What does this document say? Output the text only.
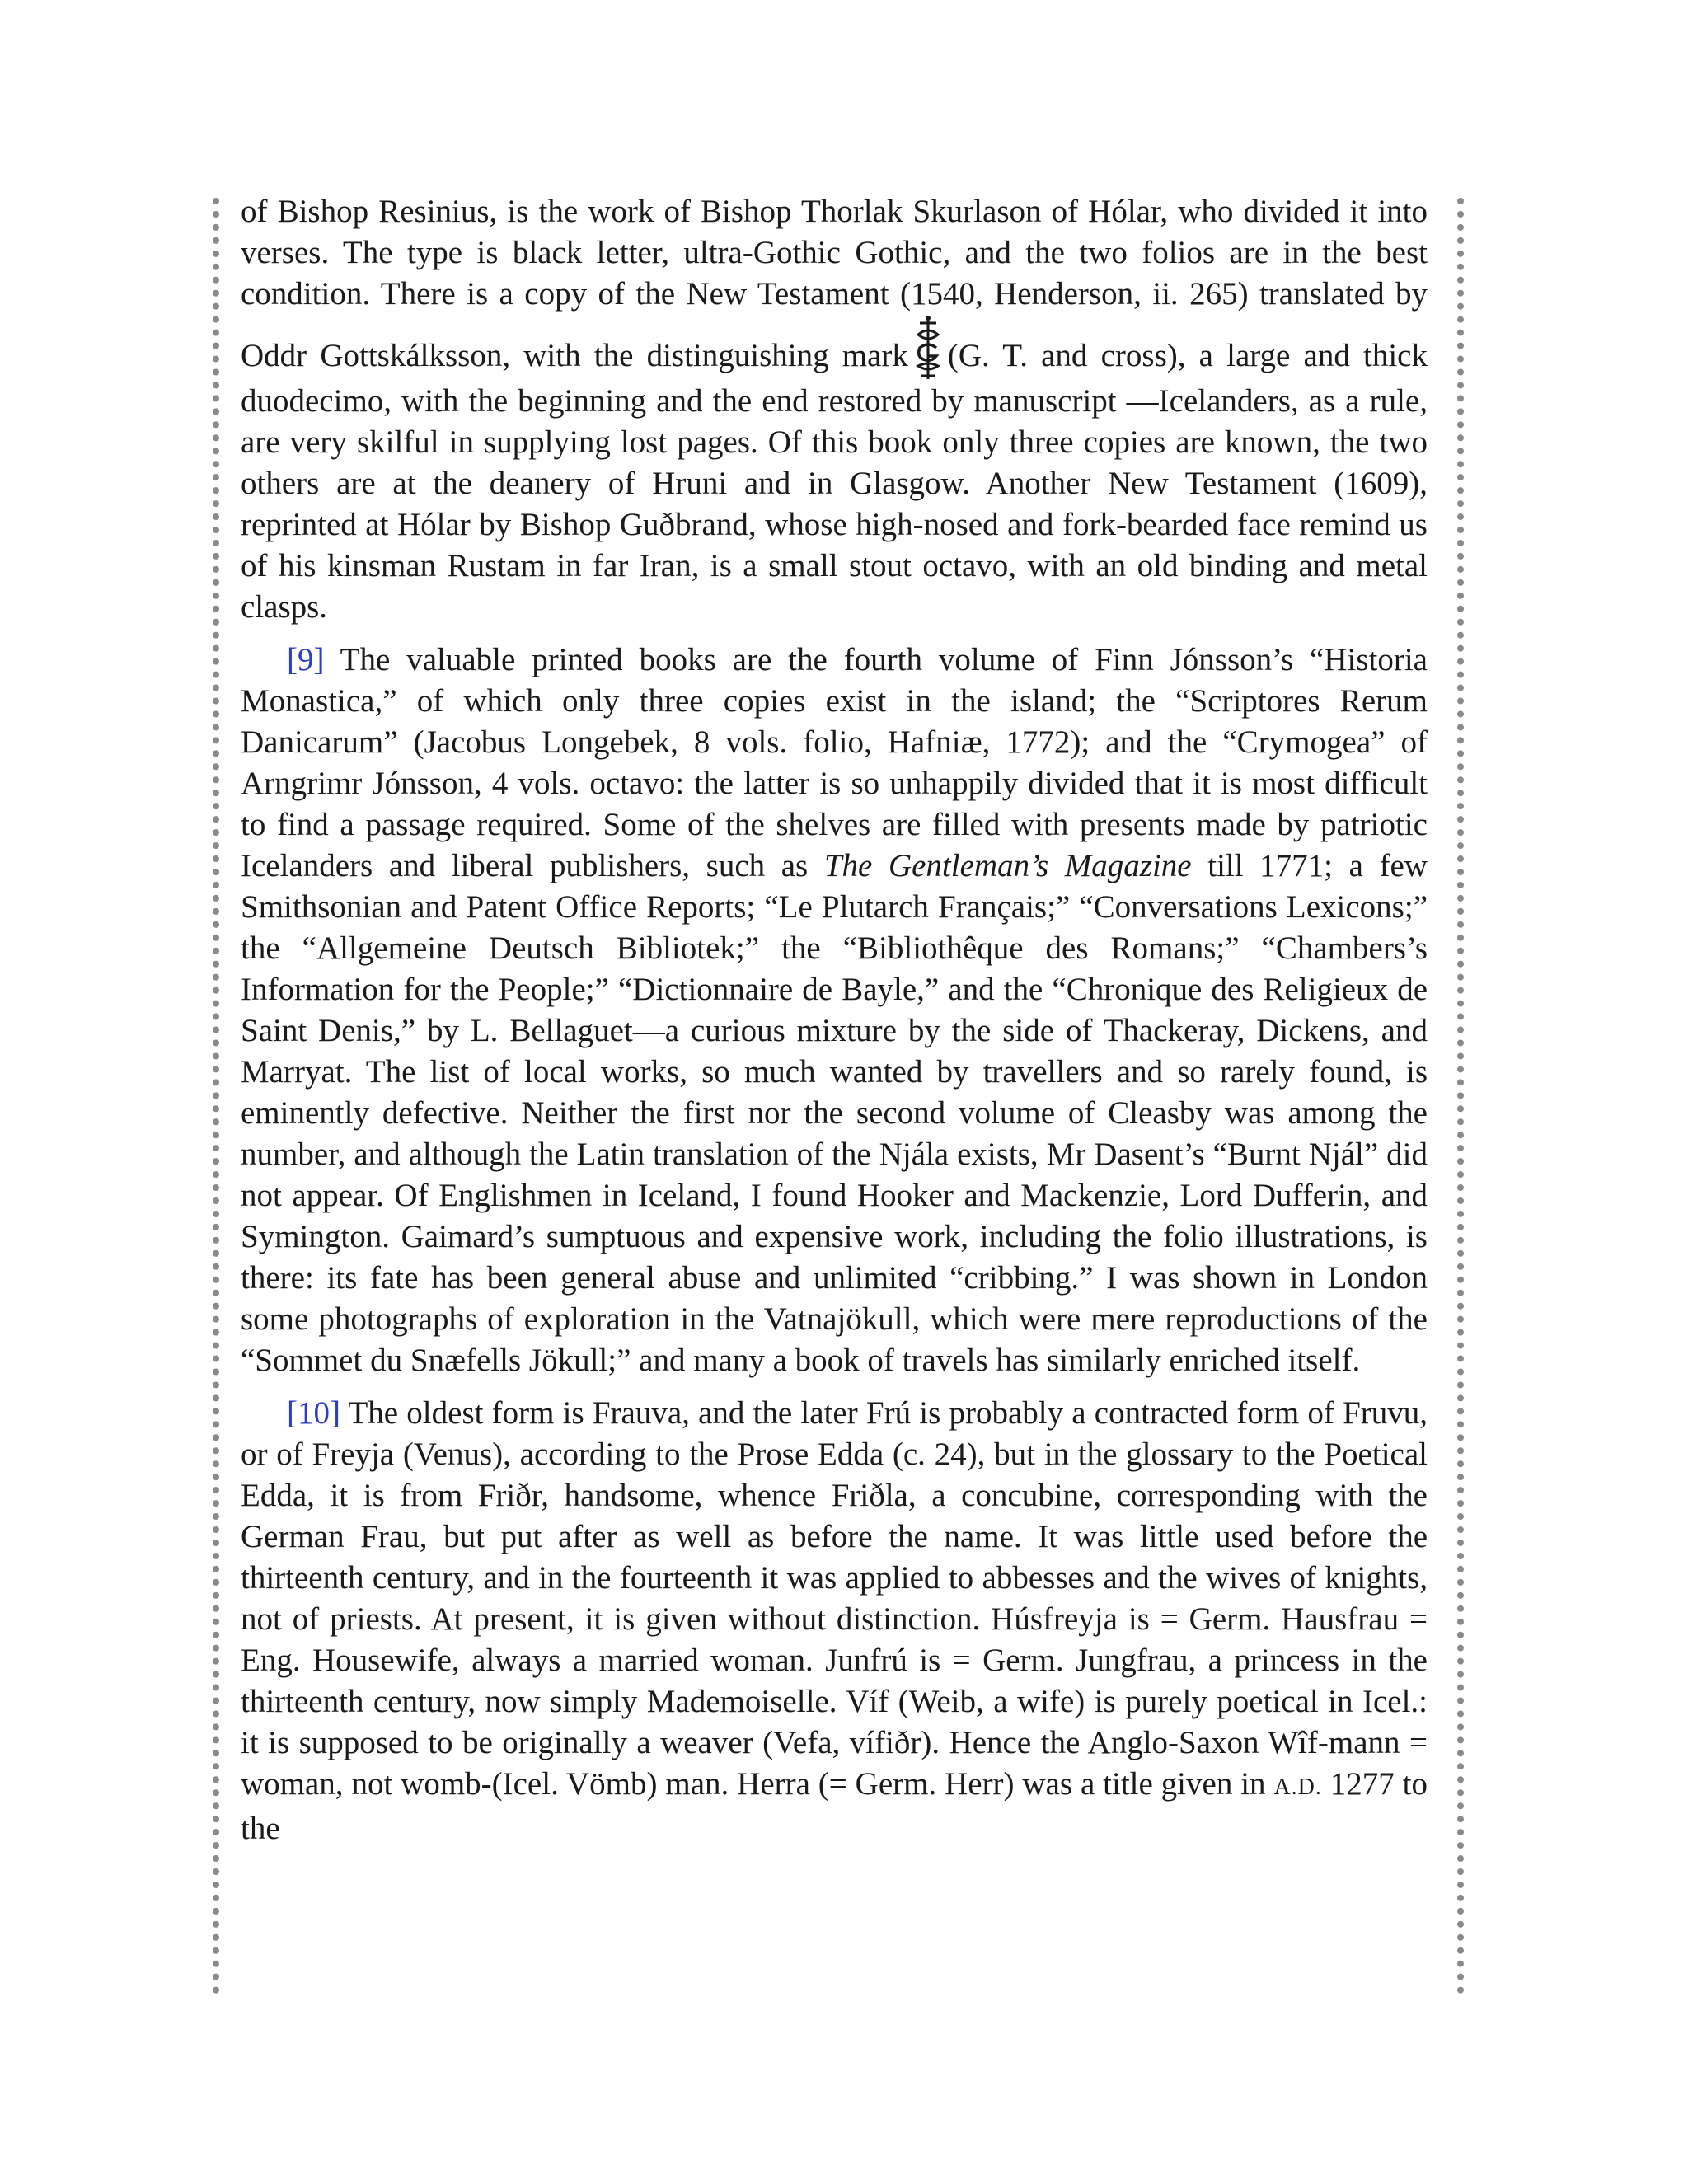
of Bishop Resinius, is the work of Bishop Thorlak Skurlason of Hólar, who divided it into verses. The type is black letter, ultra-Gothic Gothic, and the two folios are in the best condition. There is a copy of the New Testament (1540, Henderson, ii. 265) translated by Oddr Gottskálksson, with the distinguishing mark (G. T. and cross), a large and thick duodecimo, with the beginning and the end restored by manuscript —Icelanders, as a rule, are very skilful in supplying lost pages. Of this book only three copies are known, the two others are at the deanery of Hruni and in Glasgow. Another New Testament (1609), reprinted at Hólar by Bishop Guðbrand, whose high-nosed and fork-bearded face remind us of his kinsman Rustam in far Iran, is a small stout octavo, with an old binding and metal clasps.

[9] The valuable printed books are the fourth volume of Finn Jónsson’s “Historia Monastica,” of which only three copies exist in the island; the “Scriptores Rerum Danicarum” (Jacobus Longebek, 8 vols. folio, Hafniæ, 1772); and the “Crymogea” of Arngrimr Jónsson, 4 vols. octavo: the latter is so unhappily divided that it is most difficult to find a passage required. Some of the shelves are filled with presents made by patriotic Icelanders and liberal publishers, such as The Gentleman’s Magazine till 1771; a few Smithsonian and Patent Office Reports; “Le Plutarch Français;” “Conversations Lexicons;” the “Allgemeine Deutsch Bibliotek;” the “Bibliothêque des Romans;” “Chambers’s Information for the People;” “Dictionnaire de Bayle,” and the “Chronique des Religieux de Saint Denis,” by L. Bellaguet—a curious mixture by the side of Thackeray, Dickens, and Marryat. The list of local works, so much wanted by travellers and so rarely found, is eminently defective. Neither the first nor the second volume of Cleasby was among the number, and although the Latin translation of the Njála exists, Mr Dasent’s “Burnt Njál” did not appear. Of Englishmen in Iceland, I found Hooker and Mackenzie, Lord Dufferin, and Symington. Gaimard’s sumptuous and expensive work, including the folio illustrations, is there: its fate has been general abuse and unlimited “cribbing.” I was shown in London some photographs of exploration in the Vatnajökull, which were mere reproductions of the “Sommet du Snæfells Jökull;” and many a book of travels has similarly enriched itself.

[10] The oldest form is Frauva, and the later Frú is probably a contracted form of Fruvu, or of Freyja (Venus), according to the Prose Edda (c. 24), but in the glossary to the Poetical Edda, it is from Friðr, handsome, whence Friðla, a concubine, corresponding with the German Frau, but put after as well as before the name. It was little used before the thirteenth century, and in the fourteenth it was applied to abbesses and the wives of knights, not of priests. At present, it is given without distinction. Húsfreyja is = Germ. Hausfrau = Eng. Housewife, always a married woman. Junfrú is = Germ. Jungfrau, a princess in the thirteenth century, now simply Mademoiselle. Víf (Weib, a wife) is purely poetical in Icel.: it is supposed to be originally a weaver (Vefa, vífiðr). Hence the Anglo-Saxon Wîf-mann = woman, not womb-(Icel. Vömb) man. Herra (= Germ. Herr) was a title given in A.D. 1277 to the
